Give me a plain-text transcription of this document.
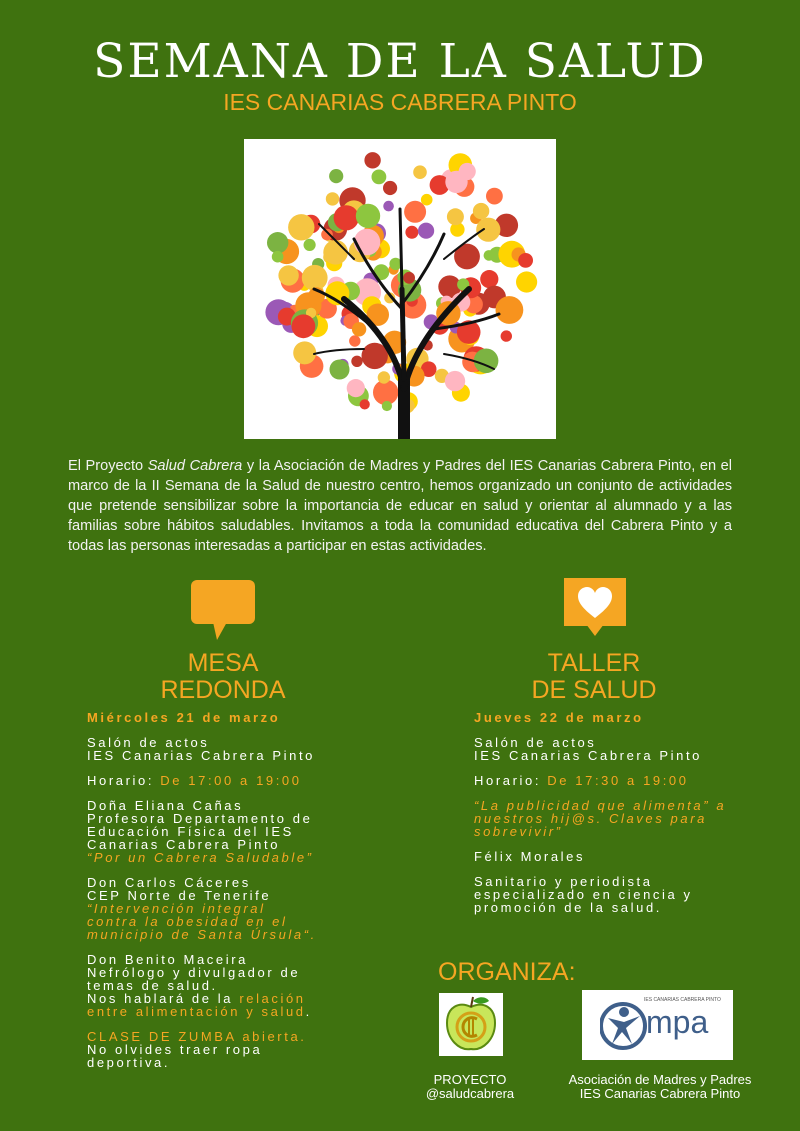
SEMANA DE LA SALUD
IES CANARIAS CABRERA PINTO
El Proyecto Salud Cabrera y la Asociación de Madres y Padres del IES Canarias Cabrera Pinto, en el marco de la II Semana de la Salud de nuestro centro, hemos organizado un conjunto de actividades que pretende sensibilizar sobre la importancia de educar en salud y orientar al alumnado y a las familias sobre hábitos saludables. Invitamos a toda la comunidad educativa del Cabrera Pinto y a todas las personas interesadas a participar en estas actividades.
MESA
REDONDA
Miércoles 21 de marzo
Salón de actos
IES Canarias Cabrera Pinto
Horario: De 17:00 a 19:00
Doña Eliana Cañas
Profesora Departamento de
Educación Física del IES
Canarias Cabrera Pinto
“Por un Cabrera Saludable”
Don Carlos Cáceres
CEP Norte de Tenerife
“Intervención integral
contra la obesidad en el
municipio de Santa Úrsula“.
Don Benito Maceira
Nefrólogo y divulgador de
temas de salud.
Nos hablará de la relación
entre alimentación y salud.
CLASE DE ZUMBA abierta.
No olvides traer ropa
deportiva.
TALLER
DE SALUD
Jueves 22 de marzo
Salón de actos
IES Canarias Cabrera Pinto
Horario: De 17:30 a 19:00
“La publicidad que alimenta” a
nuestros hij@s. Claves para
sobrevivir”
Félix Morales
Sanitario y periodista
especializado en ciencia y
promoción de la salud.
ORGANIZA:
PROYECTO
@saludcabrera
IES CANARIAS CABRERA PINTO
mpa
Asociación de Madres y Padres
IES Canarias Cabrera Pinto
